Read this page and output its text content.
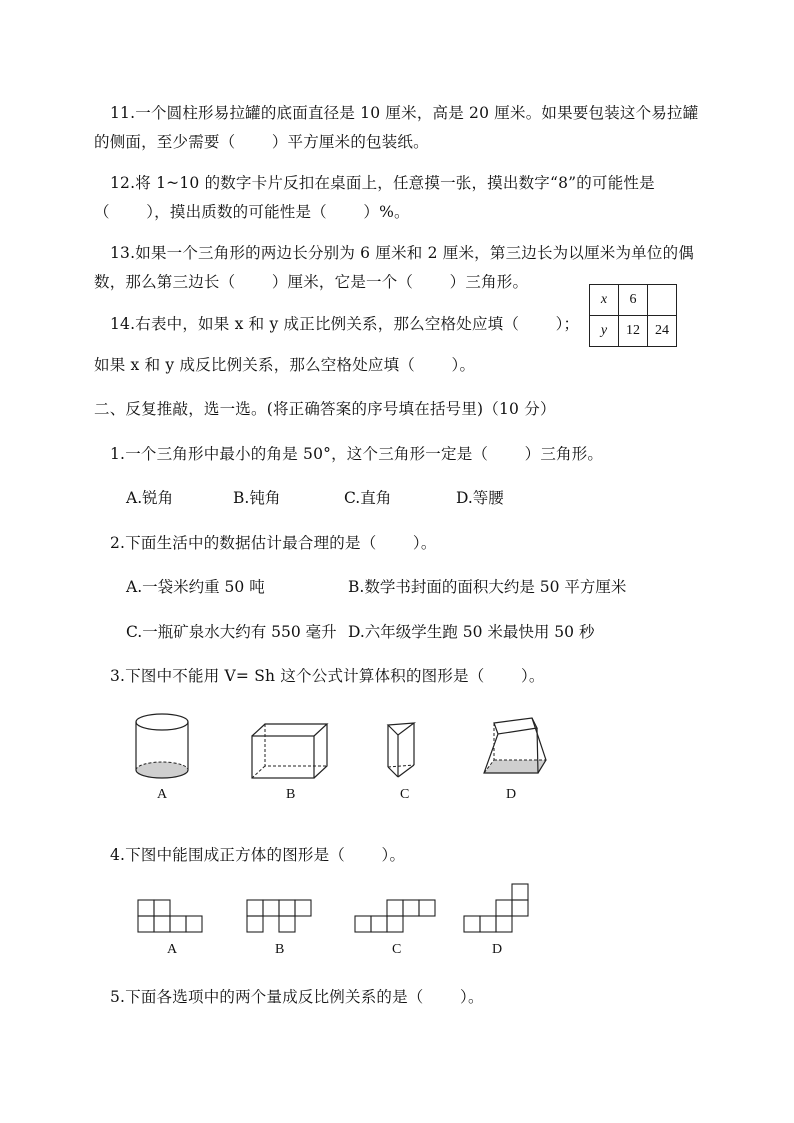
11.一个圆柱形易拉罐的底面直径是 10 厘米，高是 20 厘米。如果要包装这个易拉罐
的侧面，至少需要（　　 ）平方厘米的包装纸。
12.将 1~10 的数字卡片反扣在桌面上，任意摸一张，摸出数字“8”的可能性是
（　　 ），摸出质数的可能性是（　　 ）%。
13.如果一个三角形的两边长分别为 6 厘米和 2 厘米，第三边长为以厘米为单位的偶
数，那么第三边长（　　 ）厘米，它是一个（　　 ）三角形。
14.右表中，如果 x 和 y 成正比例关系，那么空格处应填（　　 ）；
如果 x 和 y 成反比例关系，那么空格处应填（　　 ）。
x	6	
y	12	24
二、反复推敲，选一选。(将正确答案的序号填在括号里)（10 分）
1.一个三角形中最小的角是 50°，这个三角形一定是（　　 ）三角形。
A.锐角	B.钝角	C.直角	D.等腰
2.下面生活中的数据估计最合理的是（　　 ）。
A.一袋米约重 50 吨	B.数学书封面的面积大约是 50 平方厘米
C.一瓶矿泉水大约有 550 毫升 D.六年级学生跑 50 米最快用 50 秒
3.下图中不能用 V= Sh 这个公式计算体积的图形是（　　 ）。
A	B	C	D
4.下图中能围成正方体的图形是（　　 ）。
A	B	C	D
5.下面各选项中的两个量成反比例关系的是（　　 ）。
